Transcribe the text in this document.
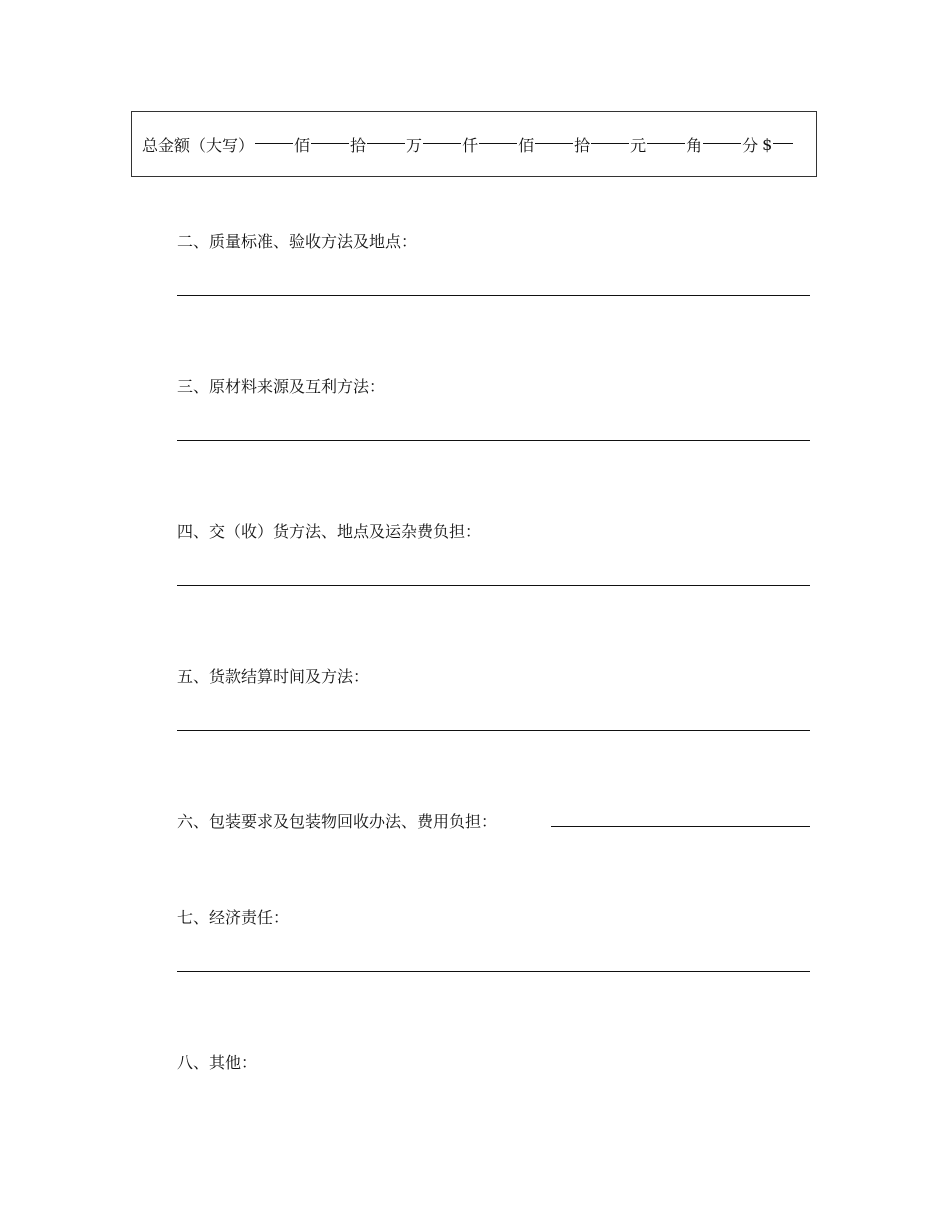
总金额（大写）	佰	拾	万	仟	佰	拾	元	角	分 $
二、质量标准、验收方法及地点：
三、原材料来源及互利方法：
四、交（收）货方法、地点及运杂费负担：
五、货款结算时间及方法：
六、包装要求及包装物回收办法、费用负担：
七、经济责任：
八、其他：
